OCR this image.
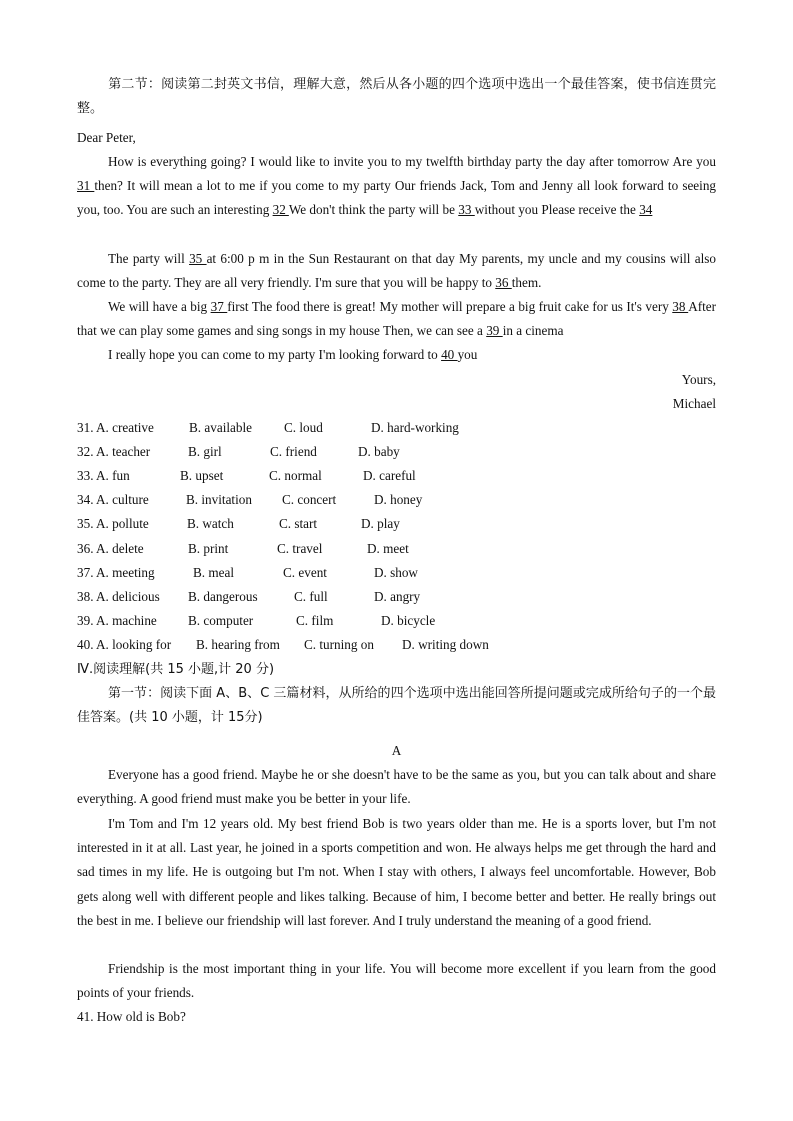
第二节：阅读第二封英文书信，理解大意，然后从各小题的四个选项中选出一个最佳答案，使书信连贯完整。

Dear Peter,

How is everything going? I would like to invite you to my twelfth birthday party the day after tomorrow Are you 31 then? It will mean a lot to me if you come to my party Our friends Jack, Tom and Jenny all look forward to seeing you, too. You are such an interesting 32 We don't think the party will be 33 without you Please receive the 34

The party will 35 at 6:00 p m in the Sun Restaurant on that day My parents, my uncle and my cousins will also come to the party. They are all very friendly. I'm sure that you will be happy to 36 them.

We will have a big 37 first The food there is great! My mother will prepare a big fruit cake for us It's very 38 After that we can play some games and sing songs in my house Then, we can see a 39 in a cinema

I really hope you can come to my party I'm looking forward to 40 you

Yours,
Michael
31. A. creative	B. available C. loud	D. hard-working
32. A. teacher	B. girl	C. friend	D. baby
33. A. fun	B. upset	C. normal	D. careful
34. A. culture	B. invitation C. concert	D. honey
35. A. pollute	B. watch	C. start	D. play
36. A. delete	B. print	C. travel	D. meet
37. A. meeting	B. meal	C. event	D. show
38. A. delicious B. dangerous	C. full	D. angry
39. A. machine B. computer	C. film	D. bicycle
40. A. looking for B. hearing from C. turning on D. writing down
Ⅳ.阅读理解(共 15 小题,计 20 分)

第一节：阅读下面 A、B、C 三篇材料，从所给的四个选项中选出能回答所提问题或完成所给句子的一个最佳答案。(共 10 小题，计 15分)

A

Everyone has a good friend. Maybe he or she doesn't have to be the same as you, but you can talk about and share everything. A good friend must make you be better in your life.

I'm Tom and I'm 12 years old. My best friend Bob is two years older than me. He is a sports lover, but I'm not interested in it at all. Last year, he joined in a sports competition and won. He always helps me get through the hard and sad times in my life. He is outgoing but I'm not. When I stay with others, I always feel uncomfortable. However, Bob gets along well with different people and likes talking. Because of him, I become better and better. He really brings out the best in me. I believe our friendship will last forever. And I truly understand the meaning of a good friend.

Friendship is the most important thing in your life. You will become more excellent if you learn from the good points of your friends.

41. How old is Bob?
